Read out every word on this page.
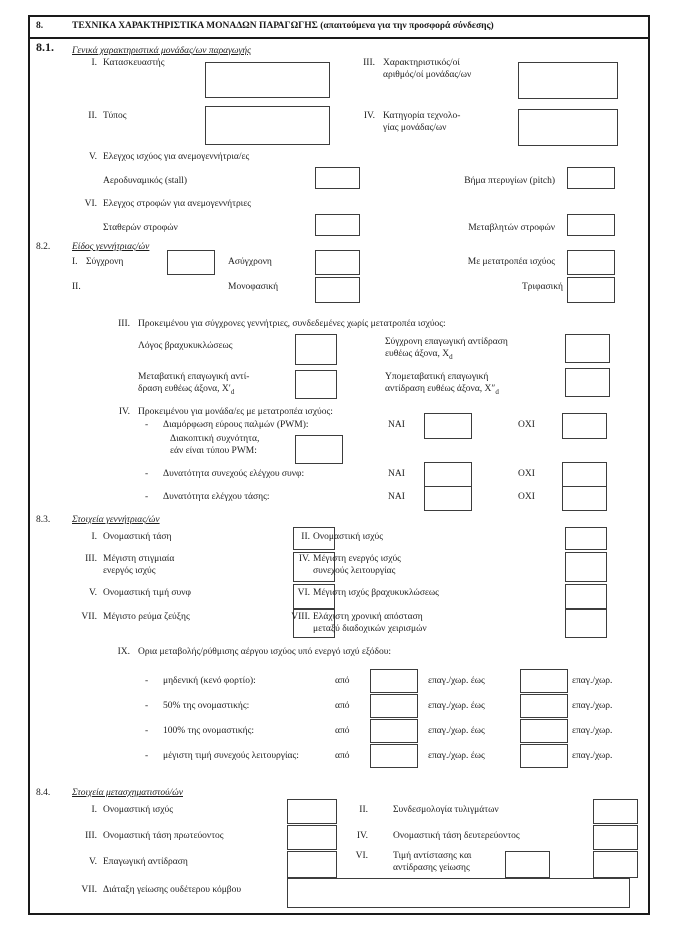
8.	ΤΕΧΝΙΚΑ ΧΑΡΑΚΤΗΡΙΣΤΙΚΑ ΜΟΝΑΔΩΝ ΠΑΡΑΓΩΓΗΣ (απαιτούμενα για την προσφορά σύνδεσης)
8.1. Γενικά χαρακτηριστικά μονάδας/ων παραγωγής
I. Κατασκευαστής	III. Χαρακτηριστικός/οί
αριθμός/οί μονάδας/ων
II. Τύπος	IV. Κατηγορία τεχνολο-
γίας μονάδας/ων
V. Ελεγχος ισχύος για ανεμογεννήτρια/ες
Αεροδυναμικός (stall)	Βήμα πτερυγίων (pitch)
VI. Ελεγχος στροφών για ανεμογεννήτριες
Σταθερών στροφών	Μεταβλητών στροφών
8.2. Είδος γεννήτριας/ών
Ι. Σύγχρονη	Ασύγχρονη	Με μετατροπέα ισχύος
ΙΙ.	Μονοφασική	Τριφασική
III. Προκειμένου για σύγχρονες γεννήτριες, συνδεδεμένες χωρίς μετατροπέα ισχύος:
Λόγος βραχυκυκλώσεως	Σύγχρονη επαγωγική αντίδραση
ευθέως άξονα, $X_d$
Μεταβατική επαγωγική αντί-
δραση ευθέως άξονα, $X'_d$
Υπομεταβατική επαγωγική
αντίδραση ευθέως άξονα, $X''_d$
IV. Προκειμένου για μονάδα/ες με μετατροπέα ισχύος:
- Διαμόρφωση εύρους παλμών (PWM):	ΝΑΙ	ΟΧΙ
Διακοπτική συχνότητα,
εάν είναι τύπου PWM:
- Δυνατότητα συνεχούς ελέγχου συνφ:	ΝΑΙ	ΟΧΙ
- Δυνατότητα ελέγχου τάσης:	ΝΑΙ	ΟΧΙ
8.3. Στοιχεία γεννήτριας/ών
I. Ονομαστική τάση	II. Ονομαστική ισχύς
III. Μέγιστη στιγμιαία
ενεργός ισχύς
IV. Μέγιστη ενεργός ισχύς
συνεχούς λειτουργίας
V. Ονομαστική τιμή συνφ	VI. Μέγιστη ισχύς βραχυκυκλώσεως
VII. Μέγιστο ρεύμα ζεύξης	VIII. Ελάχιστη χρονική απόσταση
μεταξύ διαδοχικών χειρισμών
IX. Ορια μεταβολής/ρύθμισης αέργου ισχύος υπό ενεργό ισχύ εξόδου:
- μηδενική (κενό φορτίο):	από	επαγ./χωρ. έως	επαγ./χωρ.
- 50% της ονομαστικής:	από	επαγ./χωρ. έως	επαγ./χωρ.
- 100% της ονομαστικής:	από	επαγ./χωρ. έως	επαγ./χωρ.
- μέγιστη τιμή συνεχούς λειτουργίας:	από	επαγ./χωρ. έως	επαγ./χωρ.
8.4. Στοιχεία μετασχηματιστού/ών
I. Ονομαστική ισχύς	II.	Συνδεσμολογία τυλιγμάτων
III. Ονομαστική τάση πρωτεύοντος	IV.	Ονομαστική τάση δευτερεύοντος
V. Επαγωγική αντίδραση
VI.	Τιμή αντίστασης και
αντίδρασης γείωσης
VII. Διάταξη γείωσης ουδέτερου κόμβου
